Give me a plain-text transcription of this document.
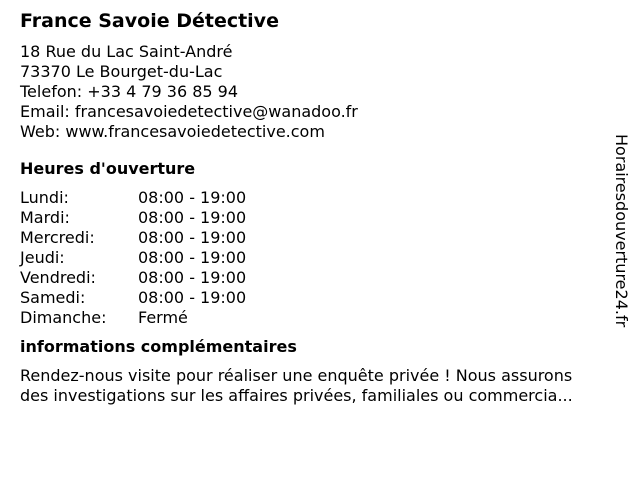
France Savoie Détective
18 Rue du Lac Saint-André
73370 Le Bourget-du-Lac
Telefon: +33 4 79 36 85 94
Email: francesavoiedetective@wanadoo.fr
Web: www.francesavoiedetective.com
Heures d'ouverture
Lundi:	08:00 - 19:00
Mardi:	08:00 - 19:00
Mercredi:	08:00 - 19:00
Jeudi:	08:00 - 19:00
Vendredi:	08:00 - 19:00
Samedi:	08:00 - 19:00
Dimanche:	Fermé
informations complémentaires

Rendez-nous visite pour réaliser une enquête privée ! Nous assurons

des investigations sur les affaires privées, familiales ou commercia...

Horairesdouverture24.fr
